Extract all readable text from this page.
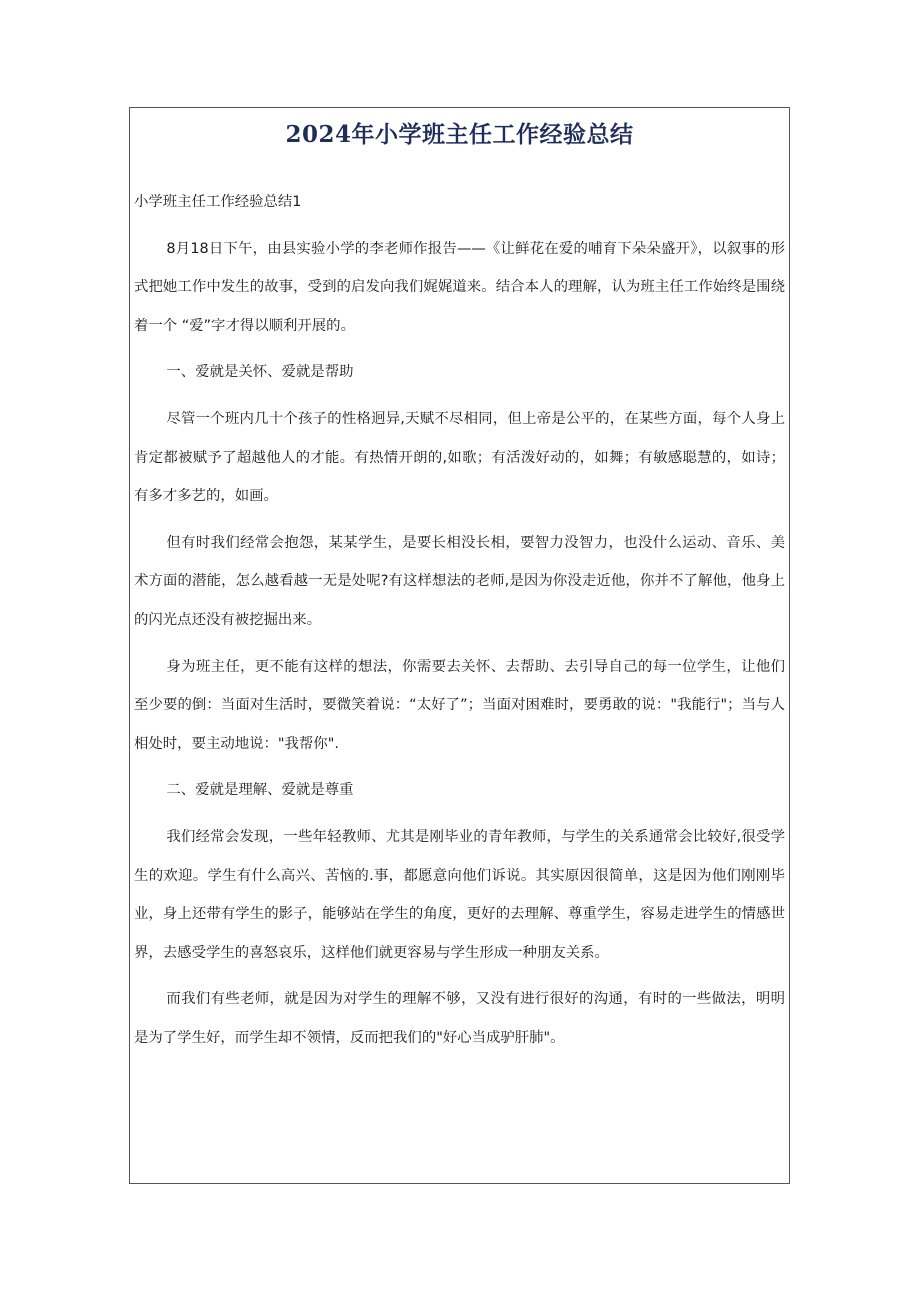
2024年小学班主任工作经验总结

小学班主任工作经验总结1

8月18日下午，由县实验小学的李老师作报告——《让鲜花在爱的哺育下朵朵盛开》，以叙事的形式把她工作中发生的故事，受到的启发向我们娓娓道来。结合本人的理解，认为班主任工作始终是围绕着一个 “爱”字才得以顺利开展的。

一、爱就是关怀、爱就是帮助

尽管一个班内几十个孩子的性格迥异,天赋不尽相同，但上帝是公平的，在某些方面，每个人身上肯定都被赋予了超越他人的才能。有热情开朗的,如歌；有活泼好动的，如舞；有敏感聪慧的，如诗；有多才多艺的，如画。

但有时我们经常会抱怨，某某学生，是要长相没长相，要智力没智力，也没什么运动、音乐、美术方面的潜能，怎么越看越一无是处呢?有这样想法的老师,是因为你没走近他，你并不了解他，他身上的闪光点还没有被挖掘出来。

身为班主任，更不能有这样的想法，你需要去关怀、去帮助、去引导自己的每一位学生，让他们至少要的倒：当面对生活时，要微笑着说：“太好了”；当面对困难时，要勇敢的说："我能行"；当与人相处时，要主动地说："我帮你".

二、爱就是理解、爱就是尊重

我们经常会发现，一些年轻教师、尤其是刚毕业的青年教师，与学生的关系通常会比较好,很受学生的欢迎。学生有什么高兴、苦恼的.事，都愿意向他们诉说。其实原因很简单，这是因为他们刚刚毕业，身上还带有学生的影子，能够站在学生的角度，更好的去理解、尊重学生，容易走进学生的情感世界，去感受学生的喜怒哀乐，这样他们就更容易与学生形成一种朋友关系。

而我们有些老师，就是因为对学生的理解不够，又没有进行很好的沟通，有时的一些做法，明明是为了学生好，而学生却不领情，反而把我们的"好心当成驴肝肺"。
